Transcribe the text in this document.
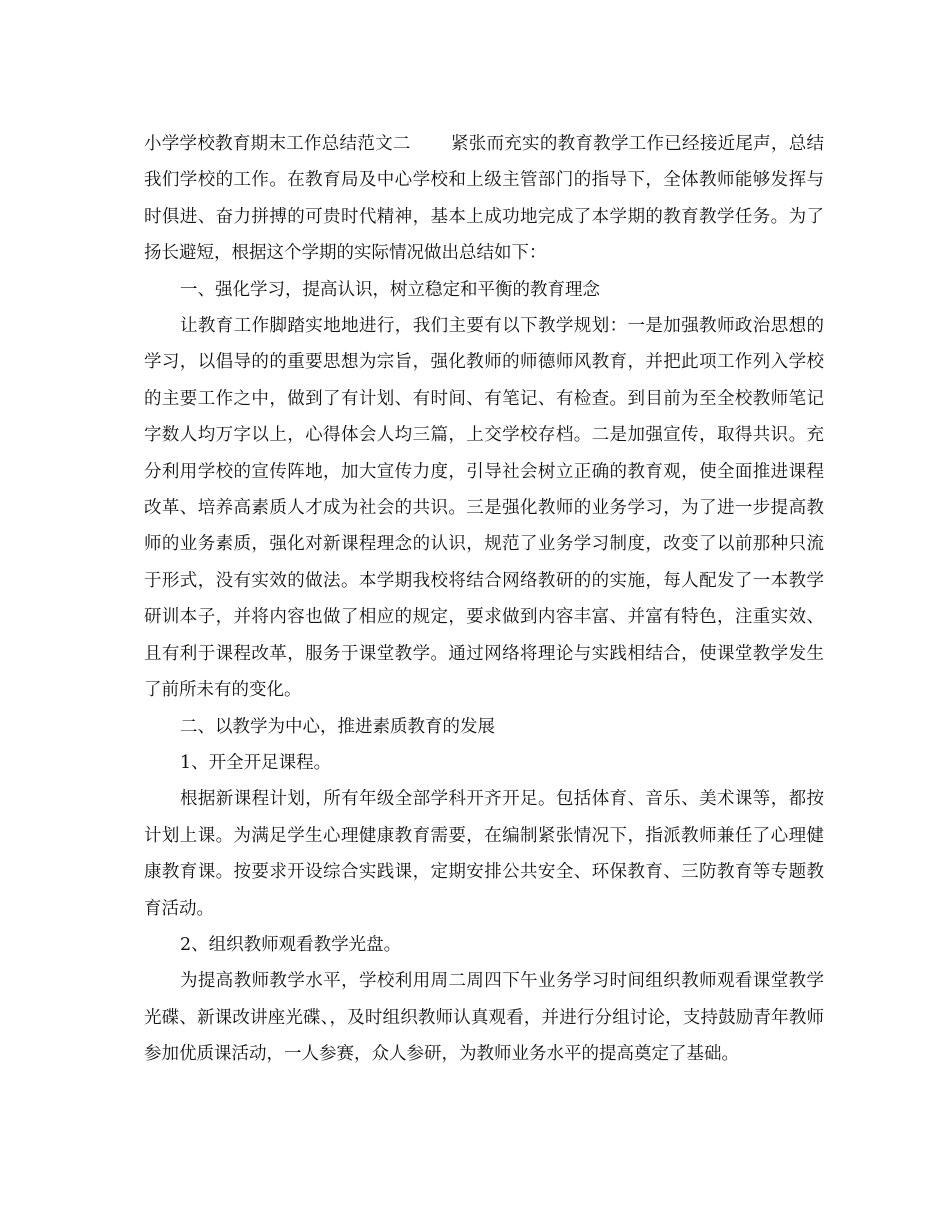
小学学校教育期末工作总结范文二 紧张而充实的教育教学工作已经接近尾声，总结我们学校的工作。在教育局及中心学校和上级主管部门的指导下，全体教师能够发挥与时俱进、奋力拼搏的可贵时代精神，基本上成功地完成了本学期的教育教学任务。为了扬长避短，根据这个学期的实际情况做出总结如下：

一、强化学习，提高认识，树立稳定和平衡的教育理念

让教育工作脚踏实地地进行，我们主要有以下教学规划：一是加强教师政治思想的学习，以倡导的的重要思想为宗旨，强化教师的师德师风教育，并把此项工作列入学校的主要工作之中，做到了有计划、有时间、有笔记、有检查。到目前为至全校教师笔记字数人均万字以上，心得体会人均三篇，上交学校存档。二是加强宣传，取得共识。充分利用学校的宣传阵地，加大宣传力度，引导社会树立正确的教育观，使全面推进课程改革、培养高素质人才成为社会的共识。三是强化教师的业务学习，为了进一步提高教师的业务素质，强化对新课程理念的认识，规范了业务学习制度，改变了以前那种只流于形式，没有实效的做法。本学期我校将结合网络教研的的实施，每人配发了一本教学研训本子，并将内容也做了相应的规定，要求做到内容丰富、并富有特色，注重实效、且有利于课程改革，服务于课堂教学。通过网络将理论与实践相结合，使课堂教学发生了前所未有的变化。

二、以教学为中心，推进素质教育的发展

1、开全开足课程。

根据新课程计划，所有年级全部学科开齐开足。包括体育、音乐、美术课等，都按计划上课。为满足学生心理健康教育需要，在编制紧张情况下，指派教师兼任了心理健康教育课。按要求开设综合实践课，定期安排公共安全、环保教育、三防教育等专题教育活动。

2、组织教师观看教学光盘。

为提高教师教学水平，学校利用周二周四下午业务学习时间组织教师观看课堂教学光碟、新课改讲座光碟、，及时组织教师认真观看，并进行分组讨论，支持鼓励青年教师参加优质课活动，一人参赛，众人参研，为教师业务水平的提高奠定了基础。
